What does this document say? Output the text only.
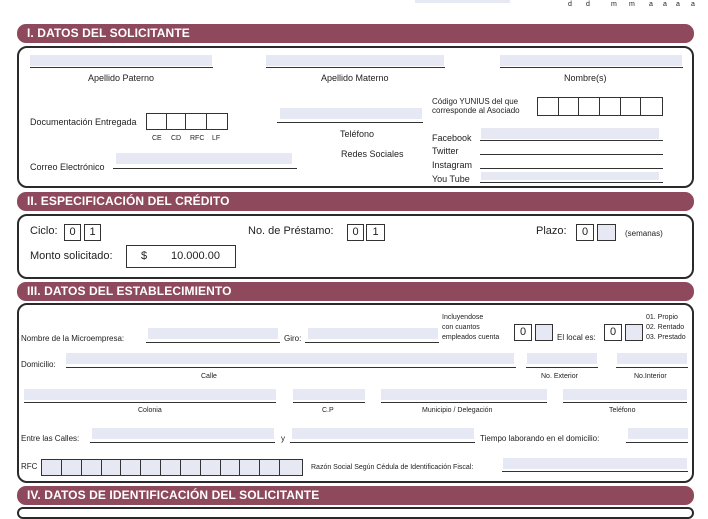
d d	m m a a a a
I. DATOS DEL SOLICITANTE
Apellido Paterno	Apellido Materno	Nombre(s)
Documentación Entregada
CE CD RFC LF	Teléfono
Código YUNIUS del que
corresponde al Asociado
Redes Sociales
Facebook
Twitter
Instagram
You Tube
Correo Electrónico
II. ESPECIFICACIÓN DEL CRÉDITO
Ciclo:	0	1	No. de Préstamo:	0	1	Plazo:	0	(semanas)
Monto solicitado:	$ 10.000.00
III. DATOS DEL ESTABLECIMIENTO
Nombre de la Microempresa:	Giro:
Incluyendose
con cuantos
empleados cuenta	0	El local es:	0
01. Propio
02. Rentado
03. Prestado
Domicilio:
Calle	No. Exterior	No.Interior
Colonia	C.P	Municipio / Delegación	Teléfono
Entre las Calles:	y	Tiempo laborando en el domicilio:
RFC	Razón Social Según Cédula de Identificación Fiscal:
IV. DATOS DE IDENTIFICACIÓN DEL SOLICITANTE
